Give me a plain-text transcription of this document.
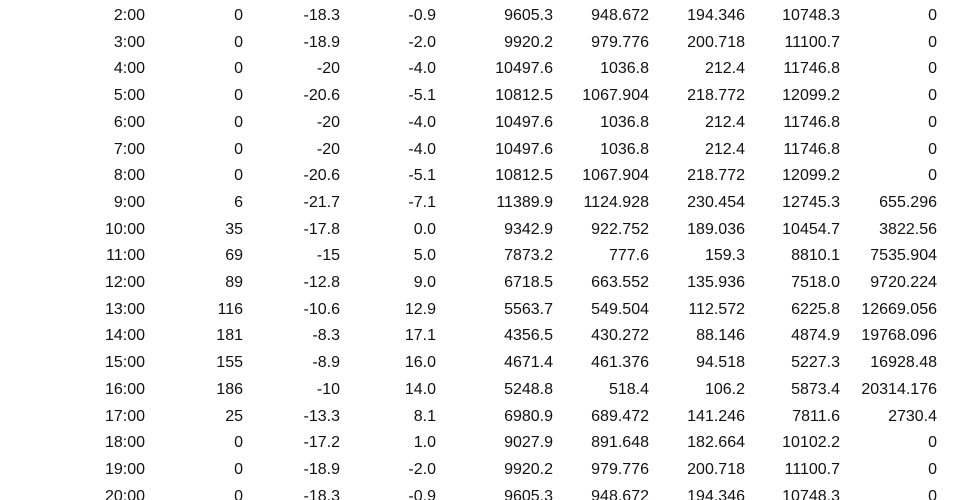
2:00	0	-18.3	-0.9	9605.3	948.672	194.346	10748.3	0
3:00	0	-18.9	-2.0	9920.2	979.776	200.718	11100.7	0
4:00	0	-20	-4.0	10497.6	1036.8	212.4	11746.8	0
5:00	0	-20.6	-5.1	10812.5	1067.904	218.772	12099.2	0
6:00	0	-20	-4.0	10497.6	1036.8	212.4	11746.8	0
7:00	0	-20	-4.0	10497.6	1036.8	212.4	11746.8	0
8:00	0	-20.6	-5.1	10812.5	1067.904	218.772	12099.2	0
9:00	6	-21.7	-7.1	11389.9	1124.928	230.454	12745.3	655.296
10:00	35	-17.8	0.0	9342.9	922.752	189.036	10454.7	3822.56
11:00	69	-15	5.0	7873.2	777.6	159.3	8810.1	7535.904
12:00	89	-12.8	9.0	6718.5	663.552	135.936	7518.0	9720.224
13:00	116	-10.6	12.9	5563.7	549.504	112.572	6225.8	12669.056
14:00	181	-8.3	17.1	4356.5	430.272	88.146	4874.9	19768.096
15:00	155	-8.9	16.0	4671.4	461.376	94.518	5227.3	16928.48
16:00	186	-10	14.0	5248.8	518.4	106.2	5873.4	20314.176
17:00	25	-13.3	8.1	6980.9	689.472	141.246	7811.6	2730.4
18:00	0	-17.2	1.0	9027.9	891.648	182.664	10102.2	0
19:00	0	-18.9	-2.0	9920.2	979.776	200.718	11100.7	0
20:00	0	-18.3	-0.9	9605.3	948.672	194.346	10748.3	0
